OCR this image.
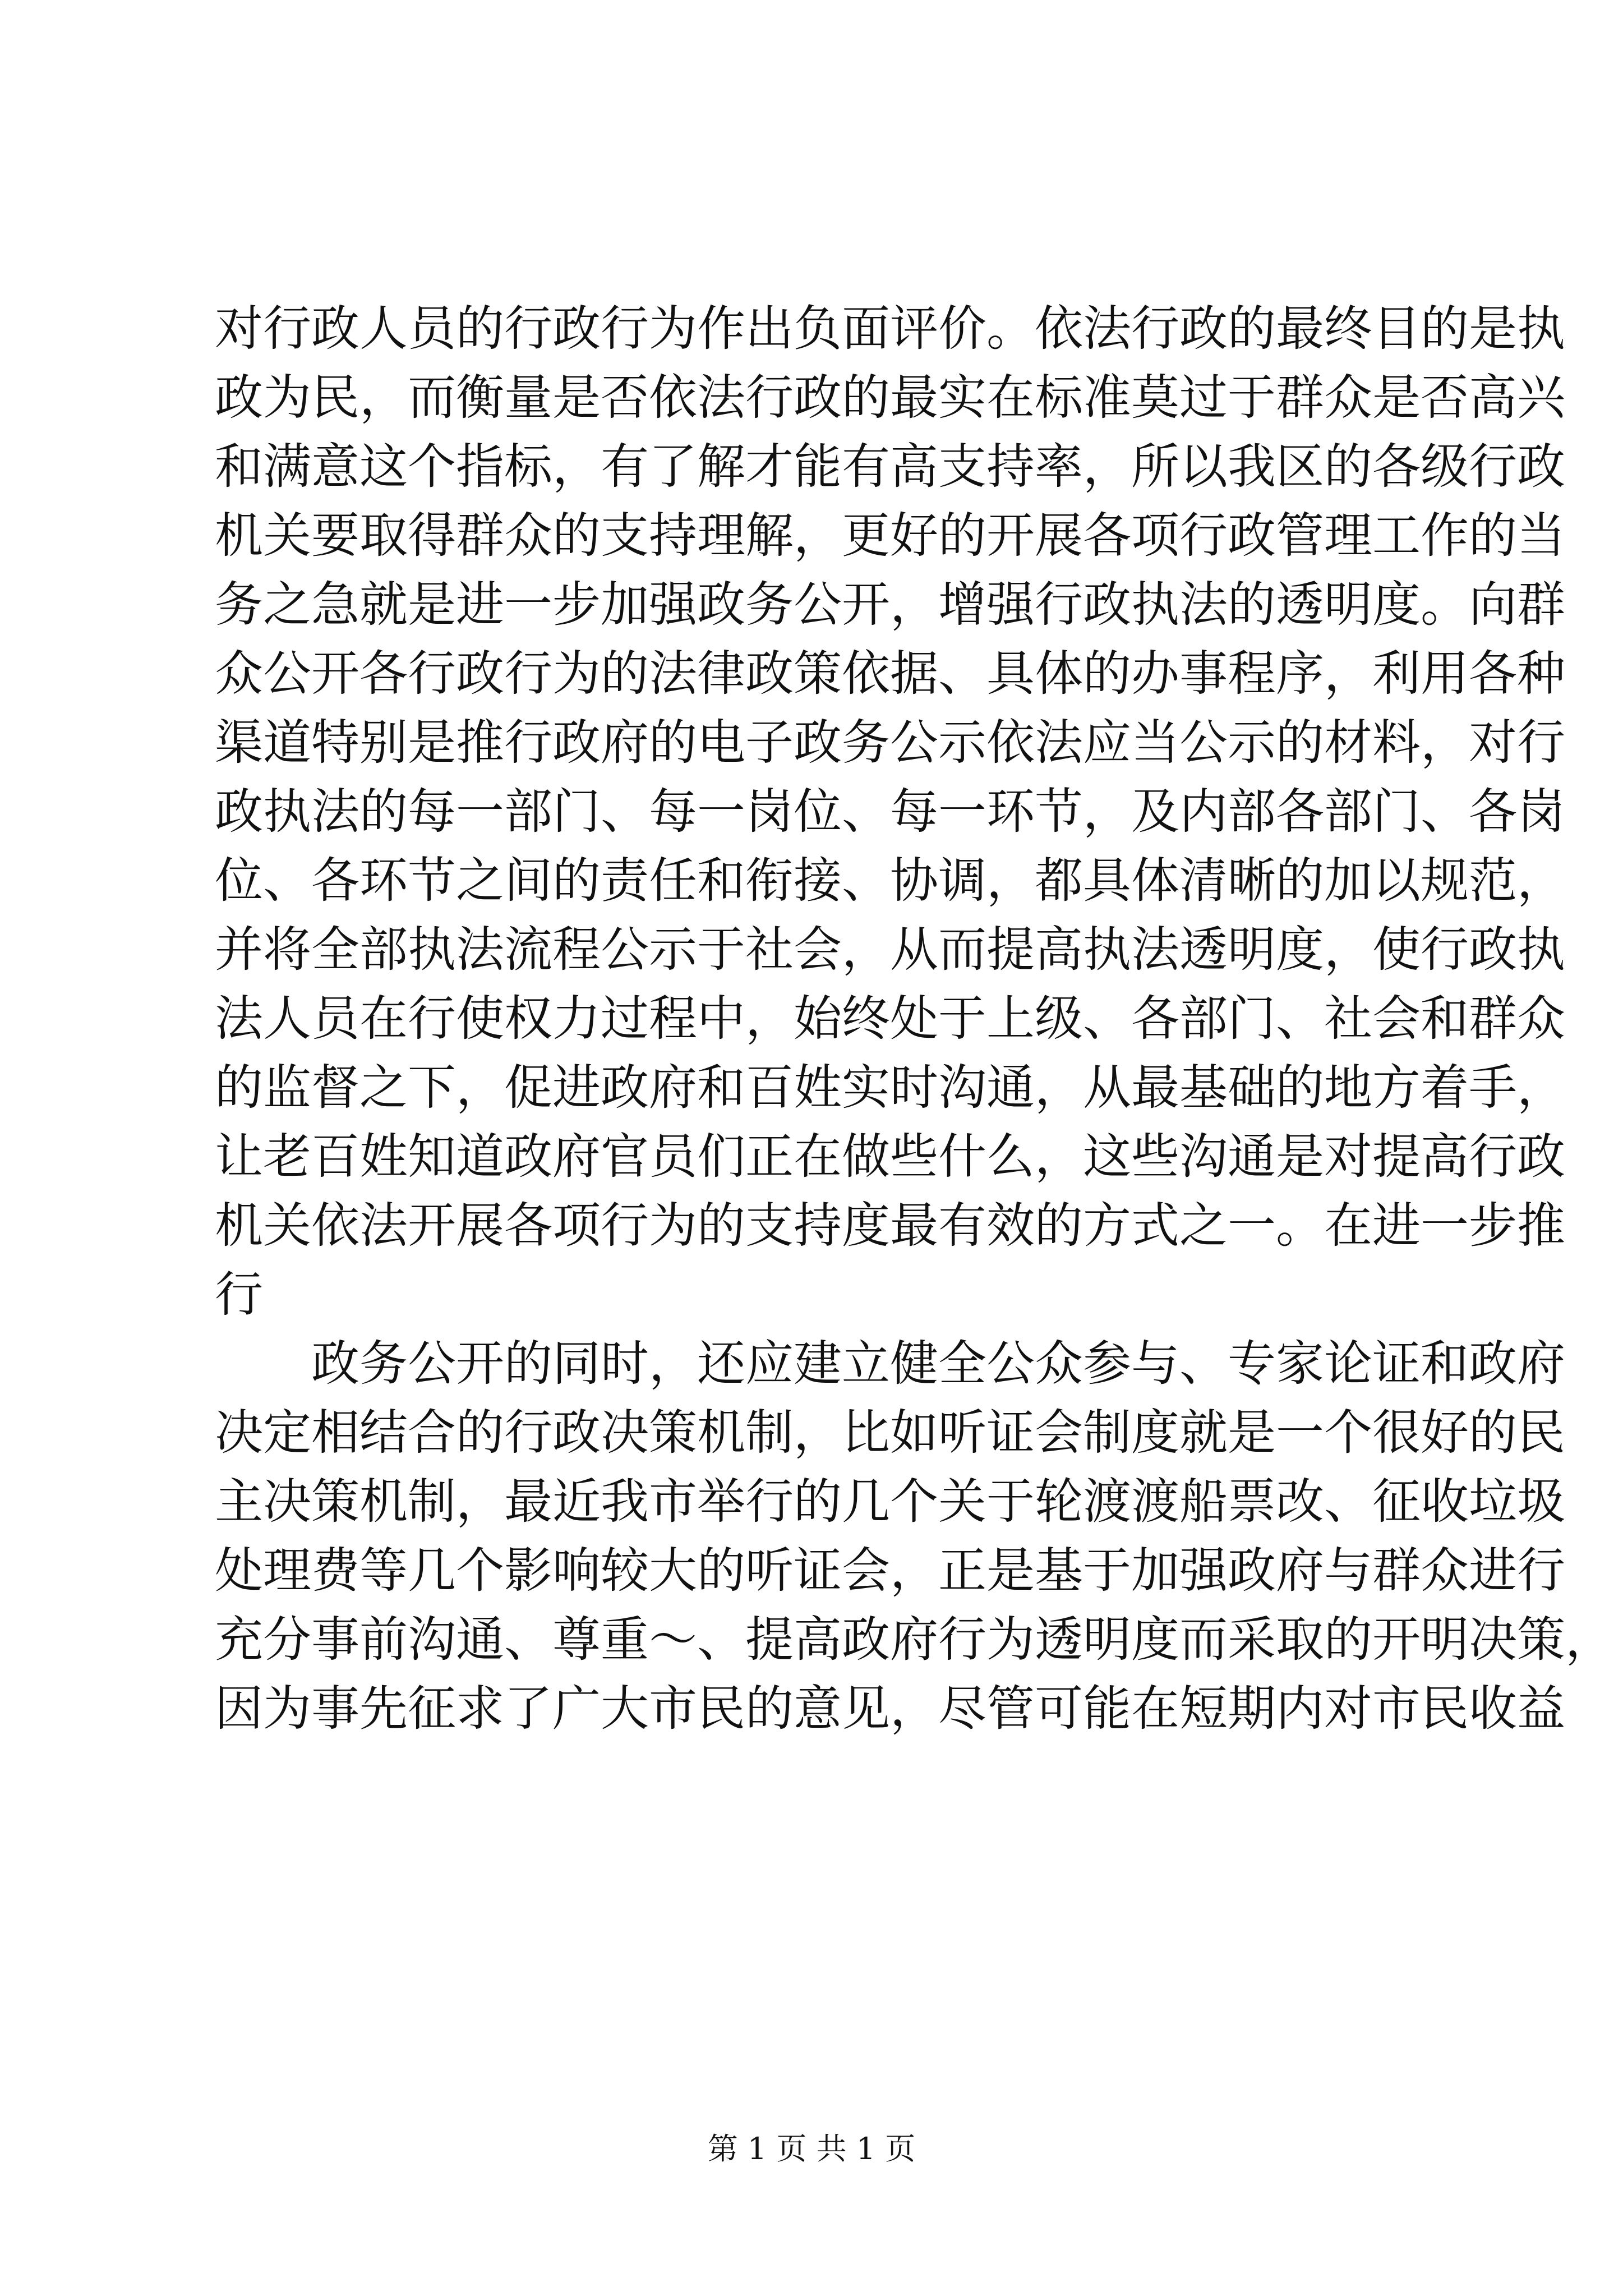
对行政人员的行政行为作出负面评价。依法行政的最终目的是执
政为民，而衡量是否依法行政的最实在标准莫过于群众是否高兴
和满意这个指标，有了解才能有高支持率，所以我区的各级行政
机关要取得群众的支持理解，更好的开展各项行政管理工作的当
务之急就是进一步加强政务公开，增强行政执法的透明度。向群
众公开各行政行为的法律政策依据、具体的办事程序，利用各种
渠道特别是推行政府的电子政务公示依法应当公示的材料，对行
政执法的每一部门、每一岗位、每一环节，及内部各部门、各岗
位、各环节之间的责任和衔接、协调，都具体清晰的加以规范，
并将全部执法流程公示于社会，从而提高执法透明度，使行政执
法人员在行使权力过程中，始终处于上级、各部门、社会和群众
的监督之下，促进政府和百姓实时沟通，从最基础的地方着手，
让老百姓知道政府官员们正在做些什么，这些沟通是对提高行政
机关依法开展各项行为的支持度最有效的方式之一。在进一步推
行
政务公开的同时，还应建立健全公众参与、专家论证和政府
决定相结合的行政决策机制，比如听证会制度就是一个很好的民
主决策机制，最近我市举行的几个关于轮渡渡船票改、征收垃圾
处理费等几个影响较大的听证会，正是基于加强政府与群众进行
充分事前沟通、尊重～、提高政府行为透明度而采取的开明决策，
因为事先征求了广大市民的意见，尽管可能在短期内对市民收益
第 1 页 共 1 页
